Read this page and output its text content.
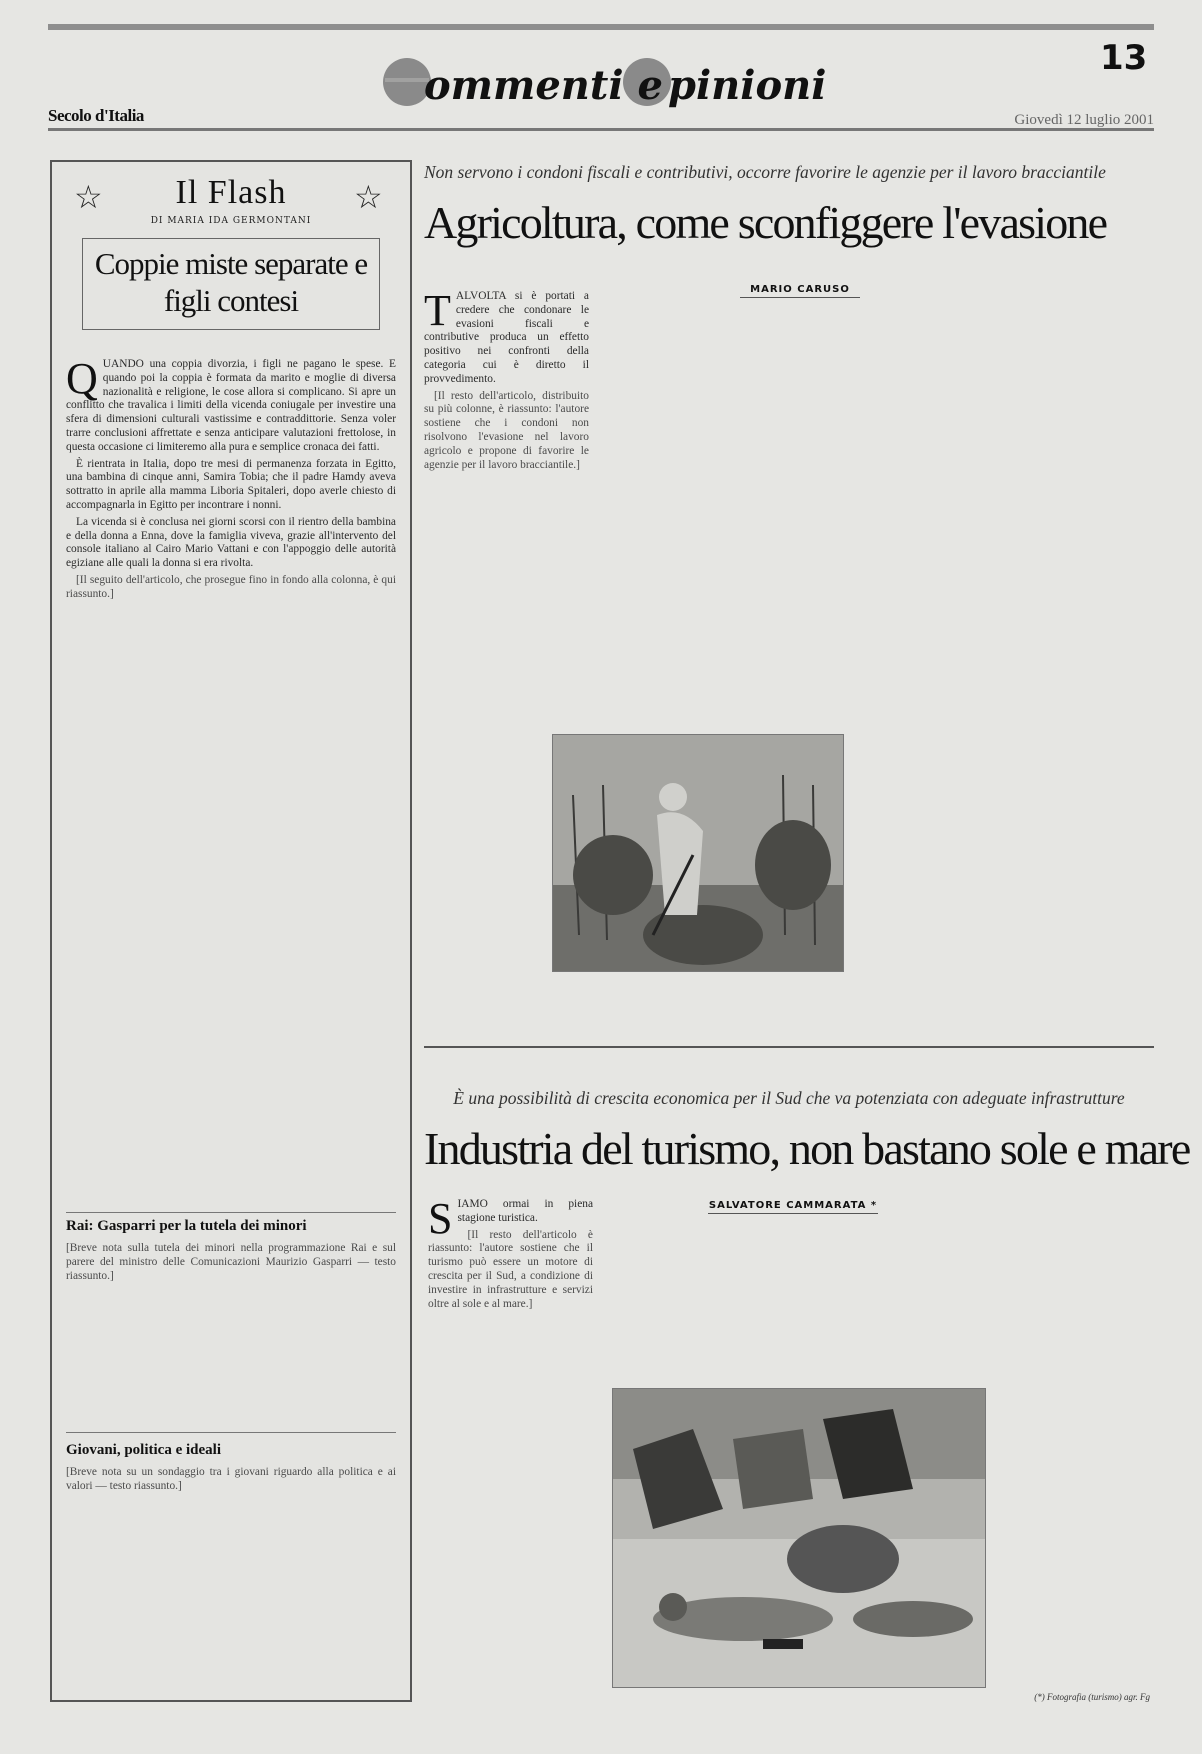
ommenti e pinioni
13
Secolo d'Italia	Giovedì 12 luglio 2001
☆	☆
Il Flash
DI MARIA IDA GERMONTANI
Coppie miste separate e figli contesi

QUANDO una coppia divorzia, i figli ne pagano le spese. E quando poi la coppia è formata da marito e moglie di diversa nazionalità e religione, le cose allora si complicano. Si apre un conflitto che travalica i limiti della vicenda coniugale per investire una sfera di dimensioni culturali vastissime e contraddittorie. Senza voler trarre conclusioni affrettate e senza anticipare valutazioni frettolose, in questa occasione ci limiteremo alla pura e semplice cronaca dei fatti.

È rientrata in Italia, dopo tre mesi di permanenza forzata in Egitto, una bambina di cinque anni, Samira Tobia; che il padre Hamdy aveva sottratto in aprile alla mamma Liboria Spitaleri, dopo averle chiesto di accompagnarla in Egitto per incontrare i nonni.

La vicenda si è conclusa nei giorni scorsi con il rientro della bambina e della donna a Enna, dove la famiglia viveva, grazie all'intervento del console italiano al Cairo Mario Vattani e con l'appoggio delle autorità egiziane alle quali la donna si era rivolta.

[Il seguito dell'articolo, che prosegue fino in fondo alla colonna, è qui riassunto.]

Rai: Gasparri per la tutela dei minori
[Breve nota sulla tutela dei minori nella programmazione Rai e sul parere del ministro delle Comunicazioni Maurizio Gasparri — testo riassunto.]
Giovani, politica e ideali
[Breve nota su un sondaggio tra i giovani riguardo alla politica e ai valori — testo riassunto.]
Non servono i condoni fiscali e contributivi, occorre favorire le agenzie per il lavoro bracciantile
Agricoltura, come sconfiggere l'evasione

TALVOLTA si è portati a credere che condonare le evasioni fiscali e contributive produca un effetto positivo nei confronti della categoria cui è diretto il provvedimento.

[Il resto dell'articolo, distribuito su più colonne, è riassunto: l'autore sostiene che i condoni non risolvono l'evasione nel lavoro agricolo e propone di favorire le agenzie per il lavoro bracciantile.]

MARIO CARUSO
È una possibilità di crescita economica per il Sud che va potenziata con adeguate infrastrutture
Industria del turismo, non bastano sole e mare

SIAMO ormai in piena stagione turistica.

[Il resto dell'articolo è riassunto: l'autore sostiene che il turismo può essere un motore di crescita per il Sud, a condizione di investire in infrastrutture e servizi oltre al sole e al mare.]

SALVATORE CAMMARATA *
(*) Fotografia (turismo) agr. Fg
